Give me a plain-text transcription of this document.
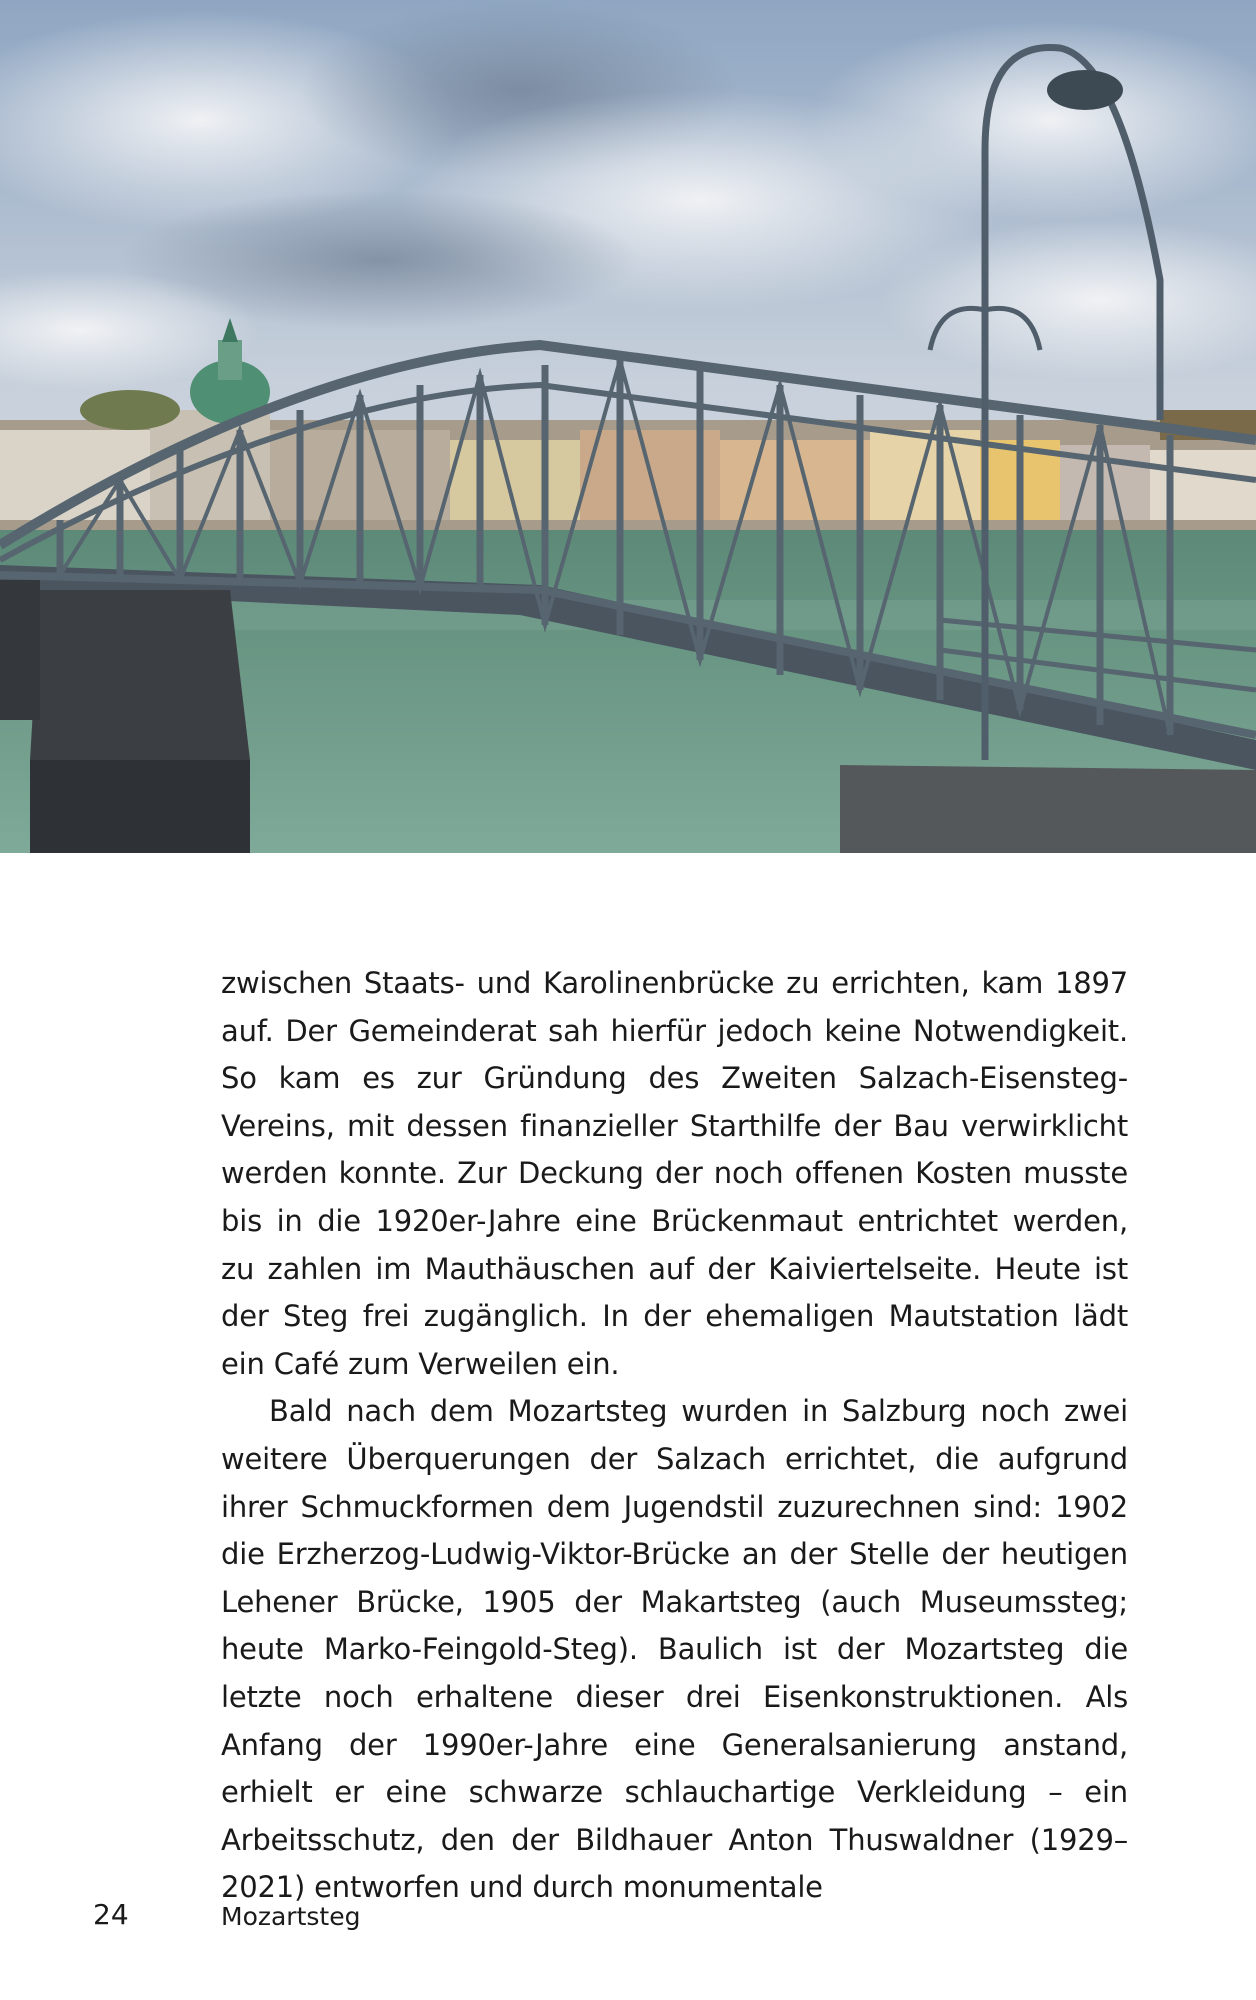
zwischen Staats- und Karolinenbrücke zu errichten, kam 1897 auf. Der Gemeinderat sah hierfür jedoch keine Notwendigkeit. So kam es zur Gründung des Zweiten Salzach-Eisensteg-Vereins, mit dessen finanzieller Starthilfe der Bau verwirklicht werden konnte. Zur Deckung der noch offenen Kosten musste bis in die 1920er-Jahre eine Brückenmaut entrichtet werden, zu zahlen im Mauthäuschen auf der Kaiviertelseite. Heute ist der Steg frei zugänglich. In der ehemaligen Mautstation lädt ein Café zum Verweilen ein.

Bald nach dem Mozartsteg wurden in Salzburg noch zwei weitere Überquerungen der Salzach errichtet, die aufgrund ihrer Schmuckformen dem Jugendstil zuzurechnen sind: 1902 die Erzherzog-Ludwig-Viktor-Brücke an der Stelle der heutigen Lehener Brücke, 1905 der Makartsteg (auch Museumssteg; heute Marko-Feingold-Steg). Baulich ist der Mozartsteg die letzte noch erhaltene dieser drei Eisenkonstruktionen. Als Anfang der 1990er-Jahre eine Generalsanierung anstand, erhielt er eine schwarze schlauchartige Verkleidung – ein Arbeitsschutz, den der Bildhauer Anton Thuswaldner (1929–2021) entworfen und durch monumentale

24	Mozartsteg
